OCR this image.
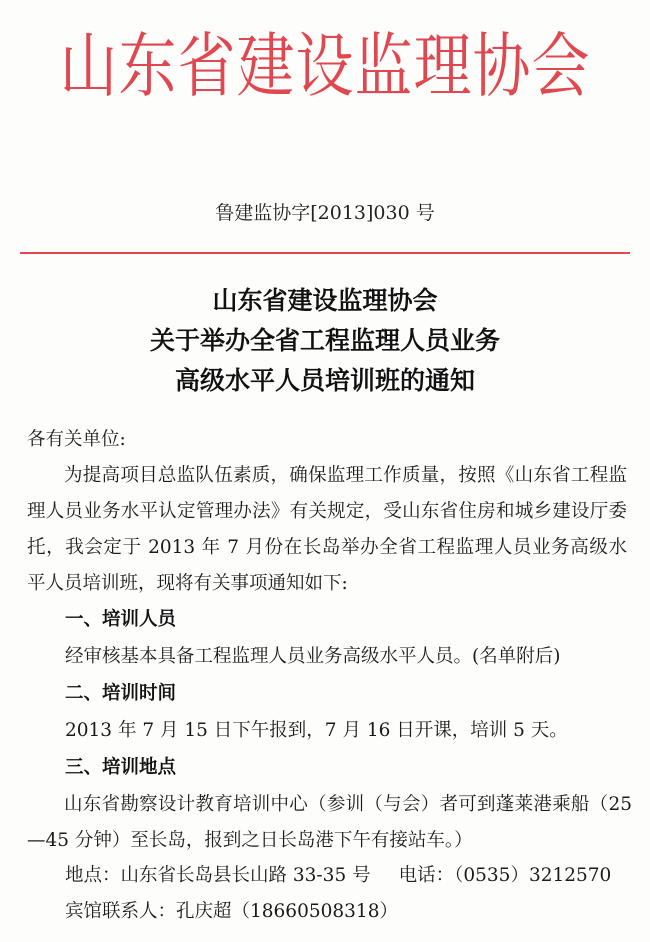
山东省建设监理协会
鲁建监协字[2013]030 号
山东省建设监理协会
关于举办全省工程监理人员业务
高级水平人员培训班的通知
各有关单位:

为提高项目总监队伍素质，确保监理工作质量，按照《山东省工程监理人员业务水平认定管理办法》有关规定，受山东省住房和城乡建设厅委托，我会定于 2013 年 7 月份在长岛举办全省工程监理人员业务高级水平人员培训班，现将有关事项通知如下:

一、培训人员
经审核基本具备工程监理人员业务高级水平人员。(名单附后)
二、培训时间
2013 年 7 月 15 日下午报到，7 月 16 日开课，培训 5 天。
三、培训地点
山东省勘察设计教育培训中心（参训（与会）者可到蓬莱港乘船（25—45 分钟）至长岛，报到之日长岛港下午有接站车。）
地点：山东省长岛县长山路 33-35 号 电话：（0535）3212570
宾馆联系人：孔庆超（18660508318）
